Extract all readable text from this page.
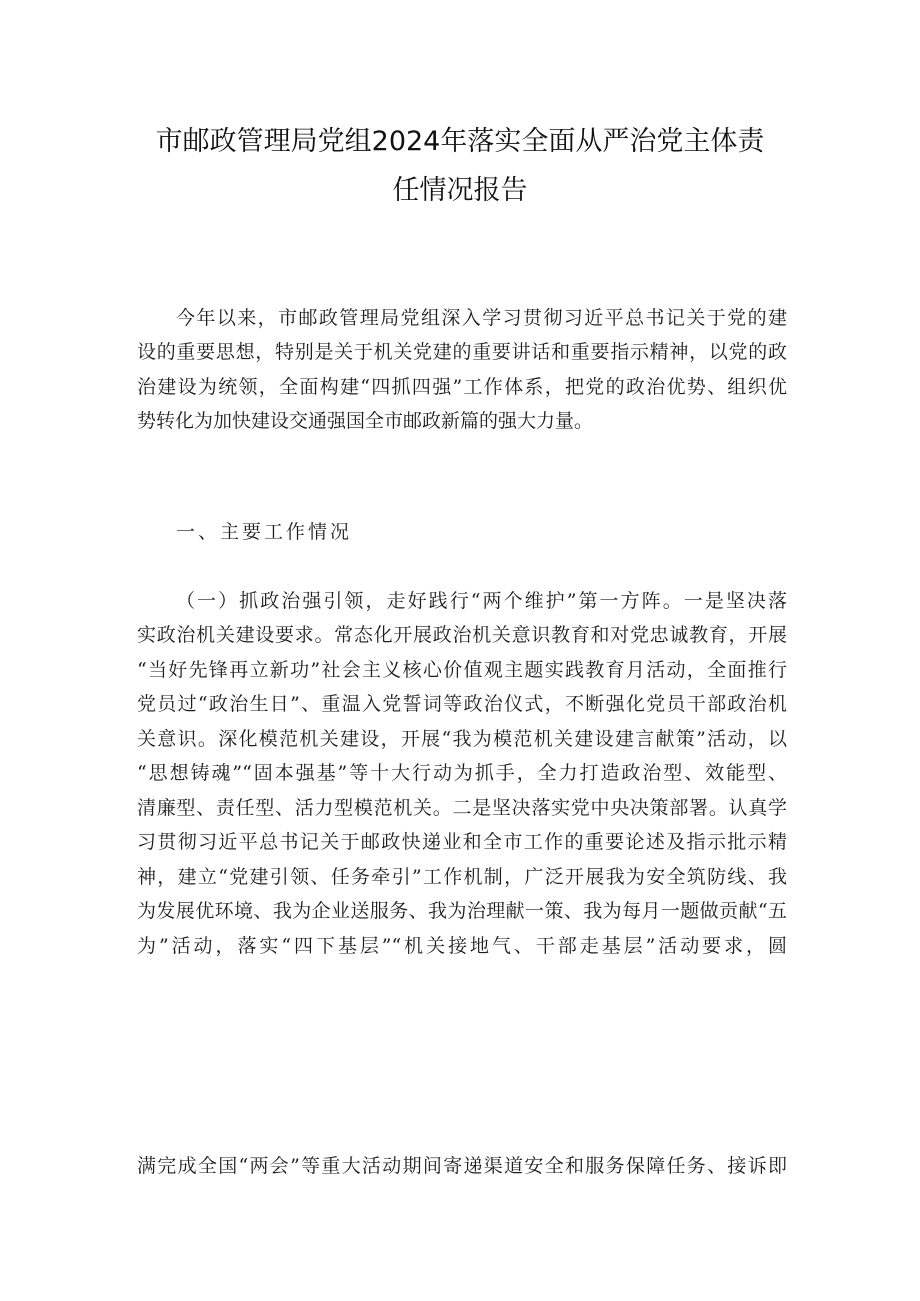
市邮政管理局党组2024年落实全面从严治党主体责
任情况报告
今年以来，市邮政管理局党组深入学习贯彻习近平总书记关于党的建
设的重要思想，特别是关于机关党建的重要讲话和重要指示精神，以党的政
治建设为统领，全面构建“四抓四强”工作体系，把党的政治优势、组织优
势转化为加快建设交通强国全市邮政新篇的强大力量。
一、主要工作情况
（一）抓政治强引领，走好践行“两个维护”第一方阵。一是坚决落
实政治机关建设要求。常态化开展政治机关意识教育和对党忠诚教育，开展
“当好先锋再立新功”社会主义核心价值观主题实践教育月活动，全面推行
党员过“政治生日”、重温入党誓词等政治仪式，不断强化党员干部政治机
关意识。深化模范机关建设，开展“我为模范机关建设建言献策”活动，以
“思想铸魂”“固本强基”等十大行动为抓手，全力打造政治型、效能型、
清廉型、责任型、活力型模范机关。二是坚决落实党中央决策部署。认真学
习贯彻习近平总书记关于邮政快递业和全市工作的重要论述及指示批示精
神，建立“党建引领、任务牵引”工作机制，广泛开展我为安全筑防线、我
为发展优环境、我为企业送服务、我为治理献一策、我为每月一题做贡献“五
为”活动，落实“四下基层”“机关接地气、干部走基层”活动要求，圆
满完成全国“两会”等重大活动期间寄递渠道安全和服务保障任务、接诉即
